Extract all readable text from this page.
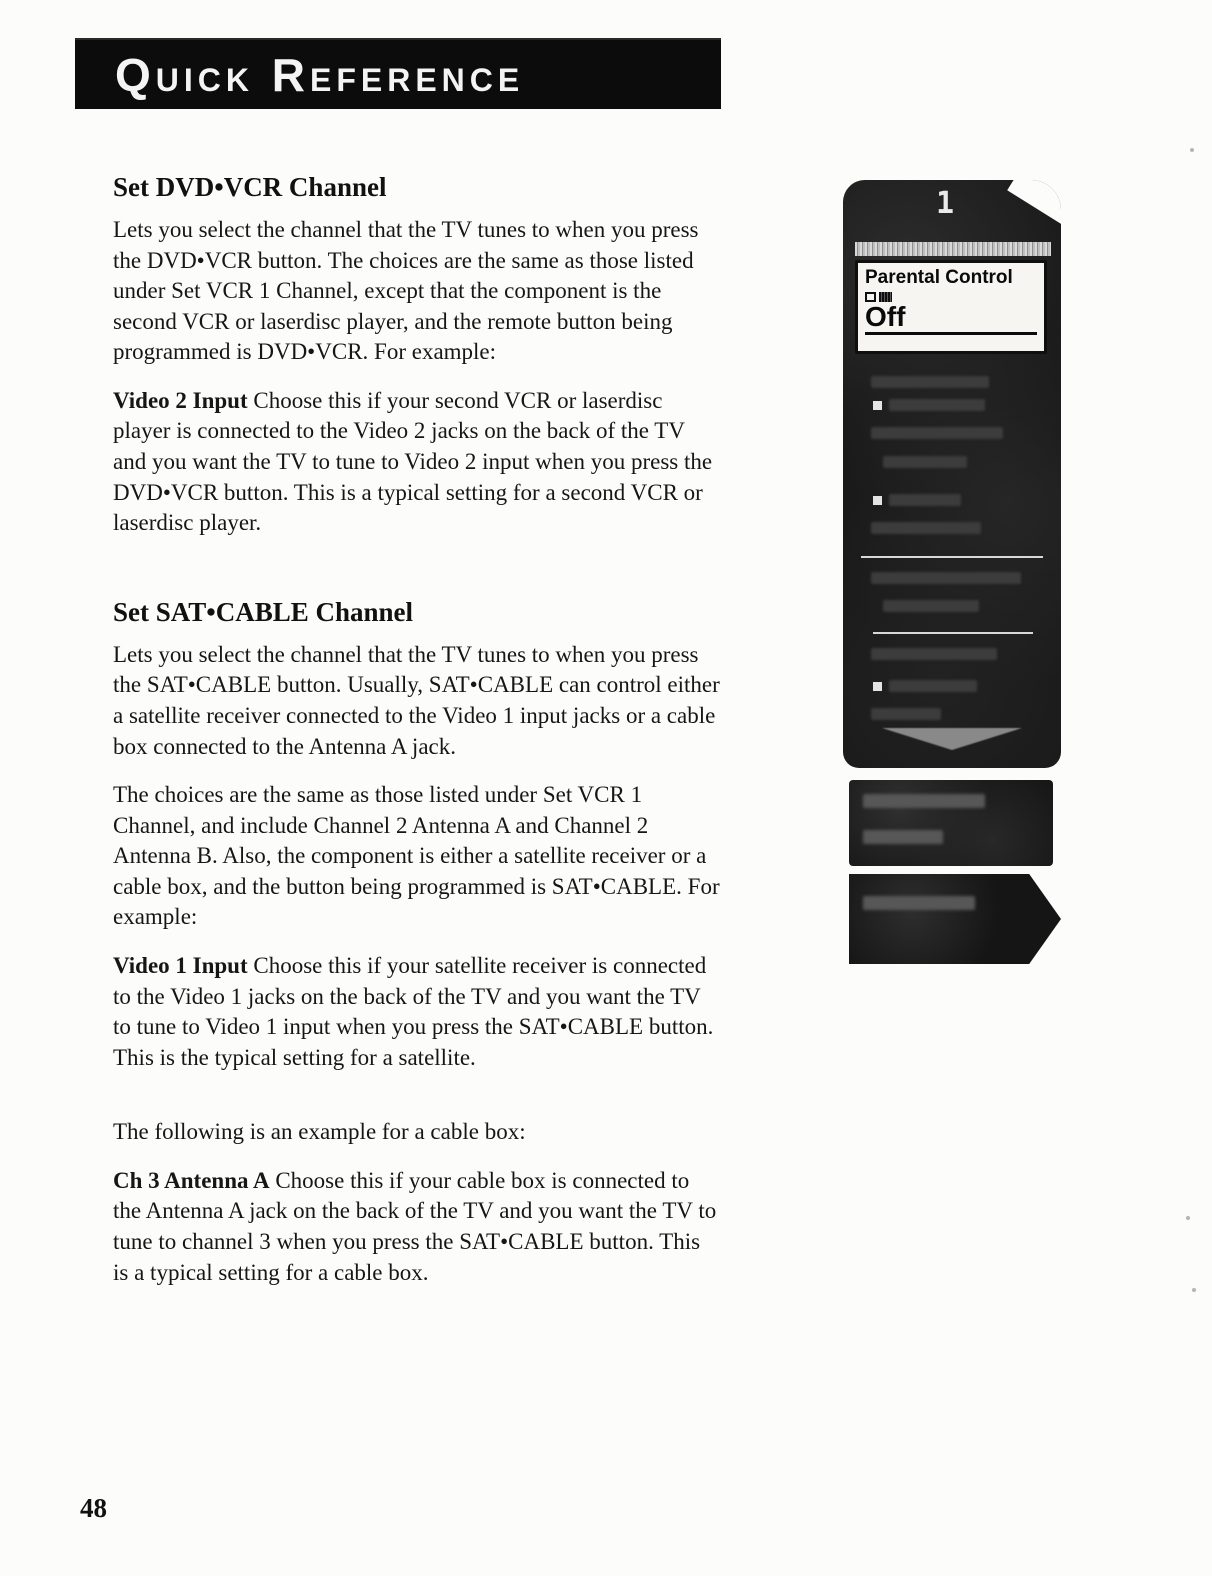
Quick Reference
Set DVD•VCR Channel

Lets you select the channel that the TV tunes to when you press the DVD•VCR button. The choices are the same as those listed under Set VCR 1 Channel, except that the component is the second VCR or laserdisc player, and the remote button being programmed is DVD•VCR. For example:

Video 2 Input Choose this if your second VCR or laserdisc player is connected to the Video 2 jacks on the back of the TV and you want the TV to tune to Video 2 input when you press the DVD•VCR button. This is a typical setting for a second VCR or laserdisc player.

Set SAT•CABLE Channel

Lets you select the channel that the TV tunes to when you press the SAT•CABLE button. Usually, SAT•CABLE can control either a satellite receiver connected to the Video 1 input jacks or a cable box connected to the Antenna A jack.

The choices are the same as those listed under Set VCR 1 Channel, and include Channel 2 Antenna A and Channel 2 Antenna B. Also, the component is either a satellite receiver or a cable box, and the button being programmed is SAT•CABLE. For example:

Video 1 Input Choose this if your satellite receiver is connected to the Video 1 jacks on the back of the TV and you want the TV to tune to Video 1 input when you press the SAT•CABLE button. This is the typical setting for a satellite.

The following is an example for a cable box:

Ch 3 Antenna A Choose this if your cable box is connected to the Antenna A jack on the back of the TV and you want the TV to tune to channel 3 when you press the SAT•CABLE button. This is a typical setting for a cable box.

1
Parental Control
Off
48
